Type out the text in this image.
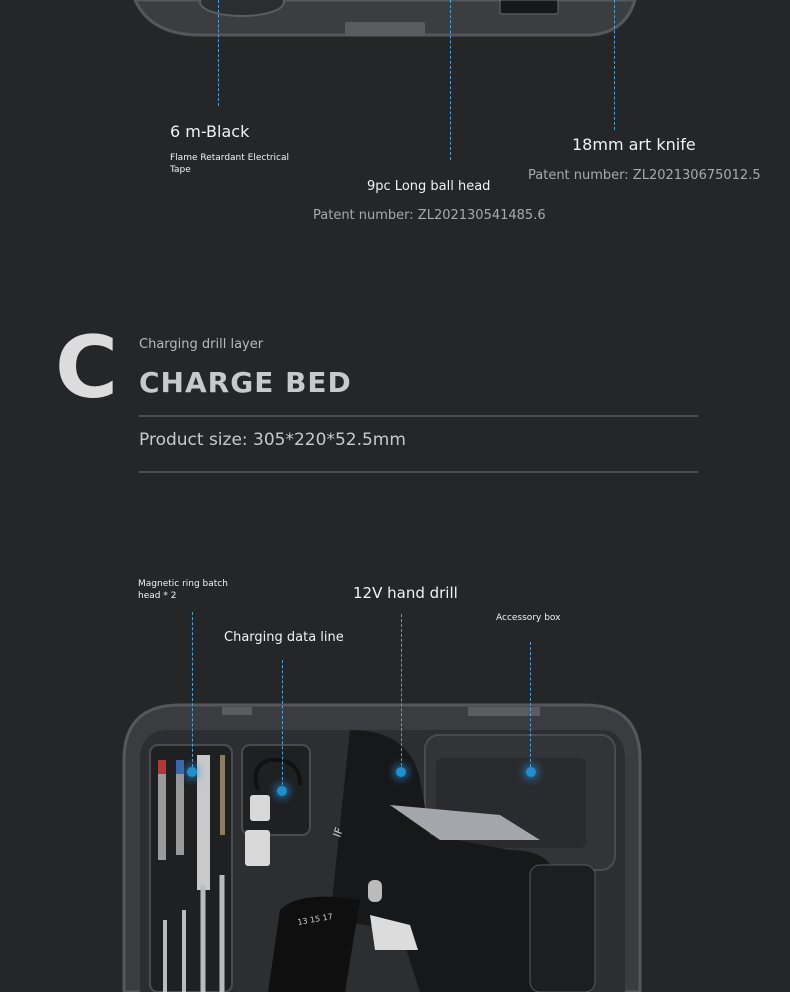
6 m-Black
Flame Retardant Electrical Tape
18mm art knife
Patent number: ZL202130675012.5
9pc Long ball head
Patent number: ZL202130541485.6
C Charging drill layer
CHARGE BED
Product size: 305*220*52.5mm
Magnetic ring batch head * 2	12V hand drill
Charging data line
Accessory box
IF
13 15 17
